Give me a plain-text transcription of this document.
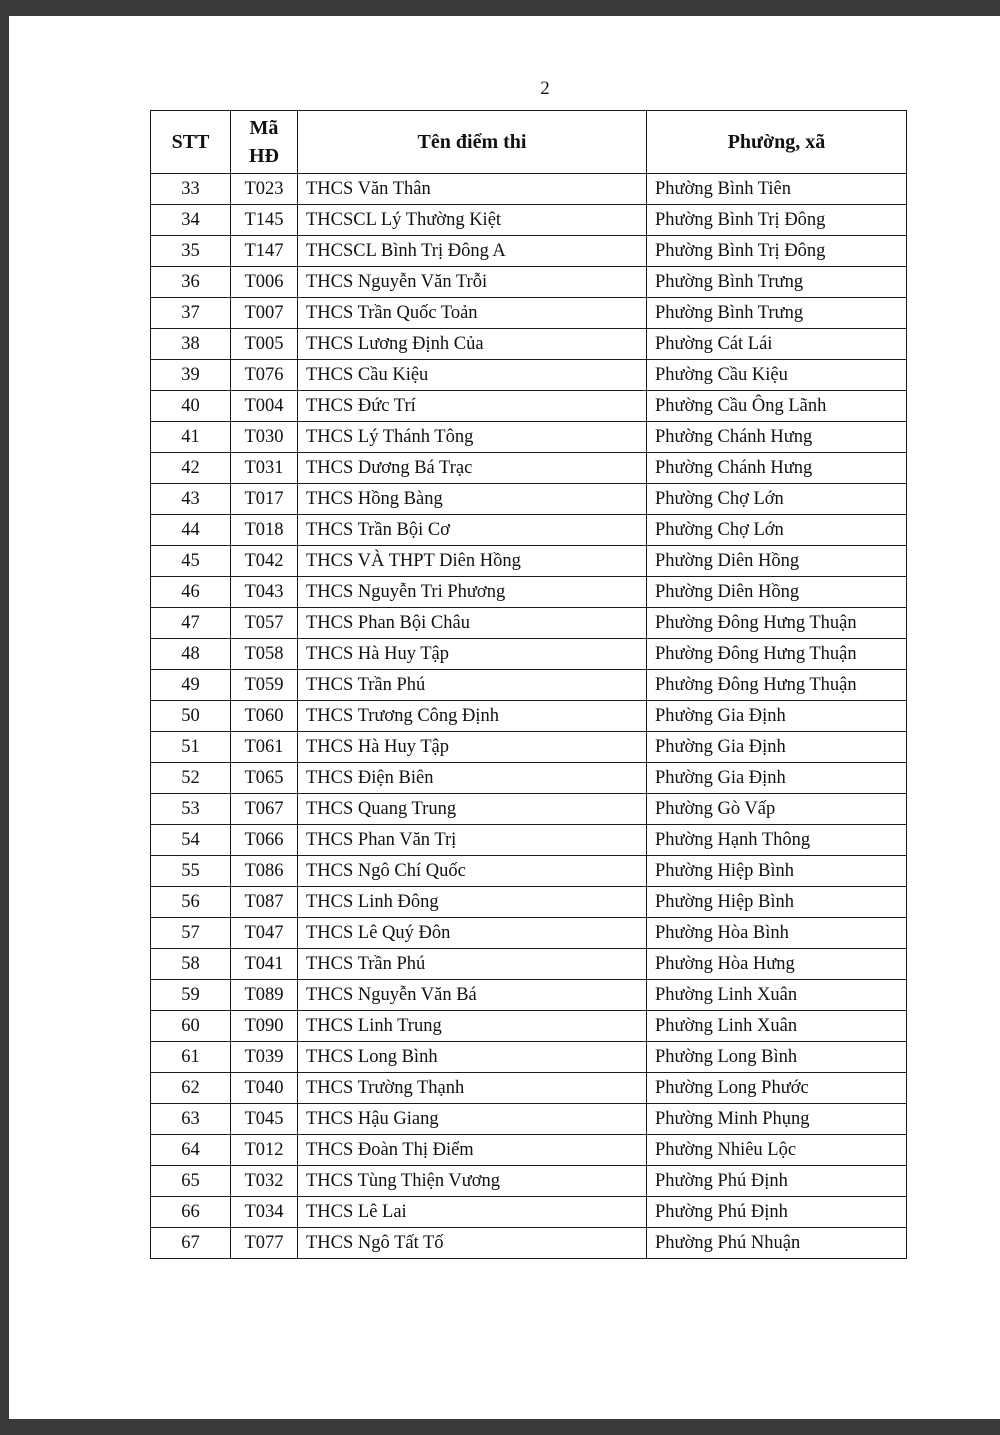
2
STT	Mã HĐ	Tên điểm thi	Phường, xã
33	T023	THCS Văn Thân	Phường Bình Tiên
34	T145	THCSCL Lý Thường Kiệt	Phường Bình Trị Đông
35	T147	THCSCL Bình Trị Đông A	Phường Bình Trị Đông
36	T006	THCS Nguyễn Văn Trỗi	Phường Bình Trưng
37	T007	THCS Trần Quốc Toản	Phường Bình Trưng
38	T005	THCS Lương Định Của	Phường Cát Lái
39	T076	THCS Cầu Kiệu	Phường Cầu Kiệu
40	T004	THCS Đức Trí	Phường Cầu Ông Lãnh
41	T030	THCS Lý Thánh Tông	Phường Chánh Hưng
42	T031	THCS Dương Bá Trạc	Phường Chánh Hưng
43	T017	THCS Hồng Bàng	Phường Chợ Lớn
44	T018	THCS Trần Bội Cơ	Phường Chợ Lớn
45	T042	THCS VÀ THPT Diên Hồng	Phường Diên Hồng
46	T043	THCS Nguyễn Tri Phương	Phường Diên Hồng
47	T057	THCS Phan Bội Châu	Phường Đông Hưng Thuận
48	T058	THCS Hà Huy Tập	Phường Đông Hưng Thuận
49	T059	THCS Trần Phú	Phường Đông Hưng Thuận
50	T060	THCS Trương Công Định	Phường Gia Định
51	T061	THCS Hà Huy Tập	Phường Gia Định
52	T065	THCS Điện Biên	Phường Gia Định
53	T067	THCS Quang Trung	Phường Gò Vấp
54	T066	THCS Phan Văn Trị	Phường Hạnh Thông
55	T086	THCS Ngô Chí Quốc	Phường Hiệp Bình
56	T087	THCS Linh Đông	Phường Hiệp Bình
57	T047	THCS Lê Quý Đôn	Phường Hòa Bình
58	T041	THCS Trần Phú	Phường Hòa Hưng
59	T089	THCS Nguyễn Văn Bá	Phường Linh Xuân
60	T090	THCS Linh Trung	Phường Linh Xuân
61	T039	THCS Long Bình	Phường Long Bình
62	T040	THCS Trường Thạnh	Phường Long Phước
63	T045	THCS Hậu Giang	Phường Minh Phụng
64	T012	THCS Đoàn Thị Điểm	Phường Nhiêu Lộc
65	T032	THCS Tùng Thiện Vương	Phường Phú Định
66	T034	THCS Lê Lai	Phường Phú Định
67	T077	THCS Ngô Tất Tố	Phường Phú Nhuận
